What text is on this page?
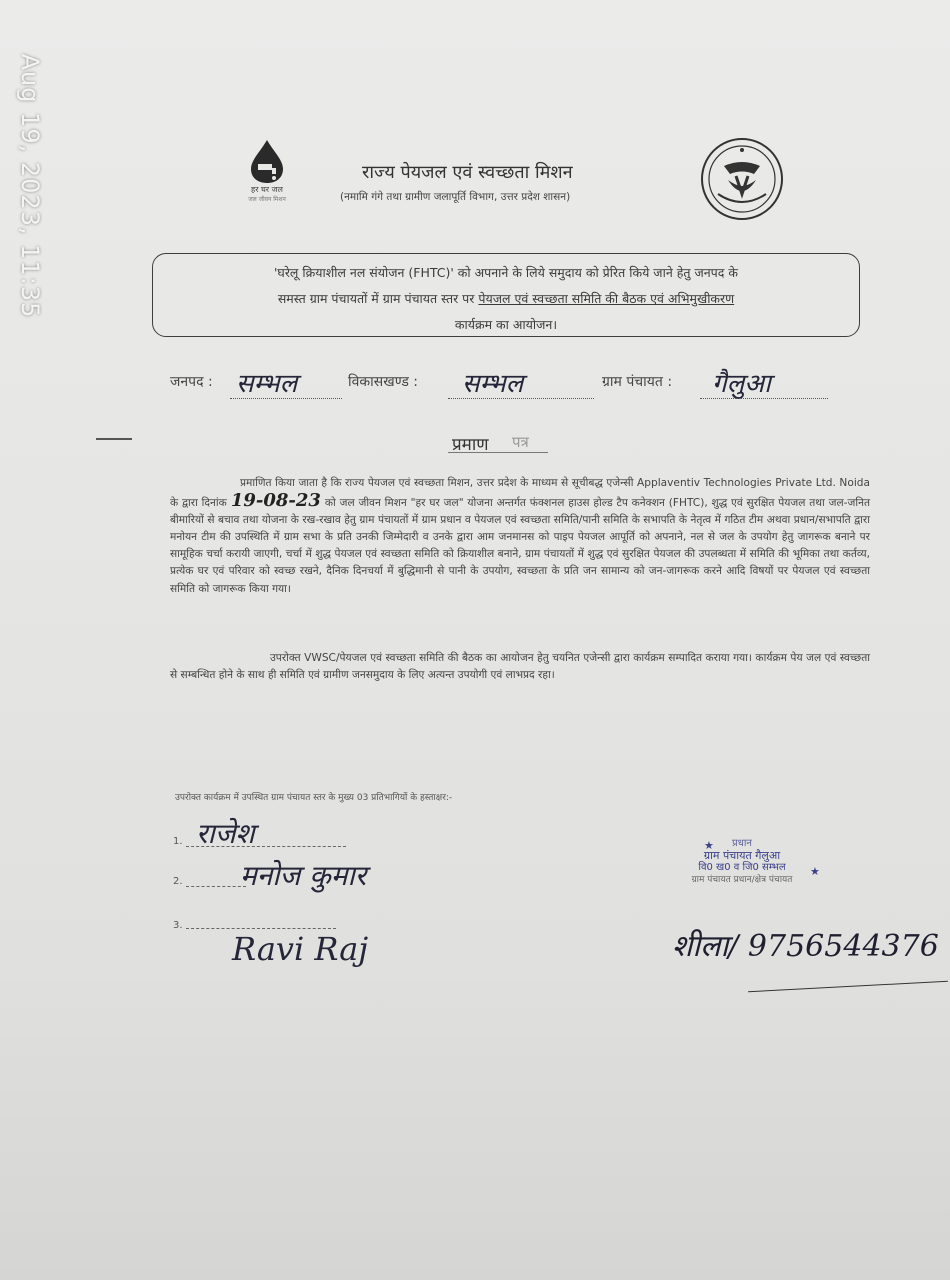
Aug 19, 2023, 11:35	हर घर जल
जल जीवन मिशन
राज्य पेयजल एवं स्वच्छता मिशन
(नमामि गंगे तथा ग्रामीण जलापूर्ति विभाग, उत्तर प्रदेश शासन)
'घरेलू क्रियाशील नल संयोजन (FHTC)' को अपनाने के लिये समुदाय को प्रेरित किये जाने हेतु जनपद के
समस्त ग्राम पंचायतों में ग्राम पंचायत स्तर पर पेयजल एवं स्वच्छता समिति की बैठक एवं अभिमुखीकरण
कार्यक्रम का आयोजन।
जनपद : सम्भल	विकासखण्ड : सम्भल	ग्राम पंचायत : गैलुआ
प्रमाण पत्र
प्रमाणित किया जाता है कि राज्य पेयजल एवं स्वच्छता मिशन, उत्तर प्रदेश के माध्यम से सूचीबद्ध एजेन्सी Applaventiv Technologies Private Ltd. Noida के द्वारा दिनांक 19-08-23 को जल जीवन मिशन "हर घर जल" योजना अन्तर्गत फंक्शनल हाउस होल्ड टैप कनेक्शन (FHTC), शुद्ध एवं सुरक्षित पेयजल तथा जल-जनित बीमारियों से बचाव तथा योजना के रख-रखाव हेतु ग्राम पंचायतों में ग्राम प्रधान व पेयजल एवं स्वच्छता समिति/पानी समिति के सभापति के नेतृत्व में गठित टीम अथवा प्रधान/सभापति द्वारा मनोयन टीम की उपस्थिति में ग्राम सभा के प्रति उनकी जिम्मेदारी व उनके द्वारा आम जनमानस को पाइप पेयजल आपूर्ति को अपनाने, नल से जल के उपयोग हेतु जागरूक बनाने पर सामूहिक चर्चा करायी जाएगी, चर्चा में शुद्ध पेयजल एवं स्वच्छता समिति को क्रियाशील बनाने, ग्राम पंचायतों में शुद्ध एवं सुरक्षित पेयजल की उपलब्धता में समिति की भूमिका तथा कर्तव्य, प्रत्येक घर एवं परिवार को स्वच्छ रखने, दैनिक दिनचर्या में बुद्धिमानी से पानी के उपयोग, स्वच्छता के प्रति जन सामान्य को जन-जागरूक करने आदि विषयों पर पेयजल एवं स्वच्छता समिति को जागरूक किया गया।
उपरोक्त VWSC/पेयजल एवं स्वच्छता समिति की बैठक का आयोजन हेतु चयनित एजेन्सी द्वारा कार्यक्रम सम्पादित कराया गया। कार्यक्रम पेय जल एवं स्वच्छता से सम्बन्धित होने के साथ ही समिति एवं ग्रामीण जनसमुदाय के लिए अत्यन्त उपयोगी एवं लाभप्रद रहा।
उपरोक्त कार्यक्रम में उपस्थित ग्राम पंचायत स्तर के मुख्य 03 प्रतिभागियों के हस्ताक्षर:-
1. राजेश
2. मनोज कुमार
3.
Ravi Raj
★
★
प्रधान
ग्राम पंचायत गैलुआ
वि0 ख0 व जि0 सम्भल
ग्राम पंचायत प्रधान/क्षेत्र पंचायत
शीला/ 9756544376
